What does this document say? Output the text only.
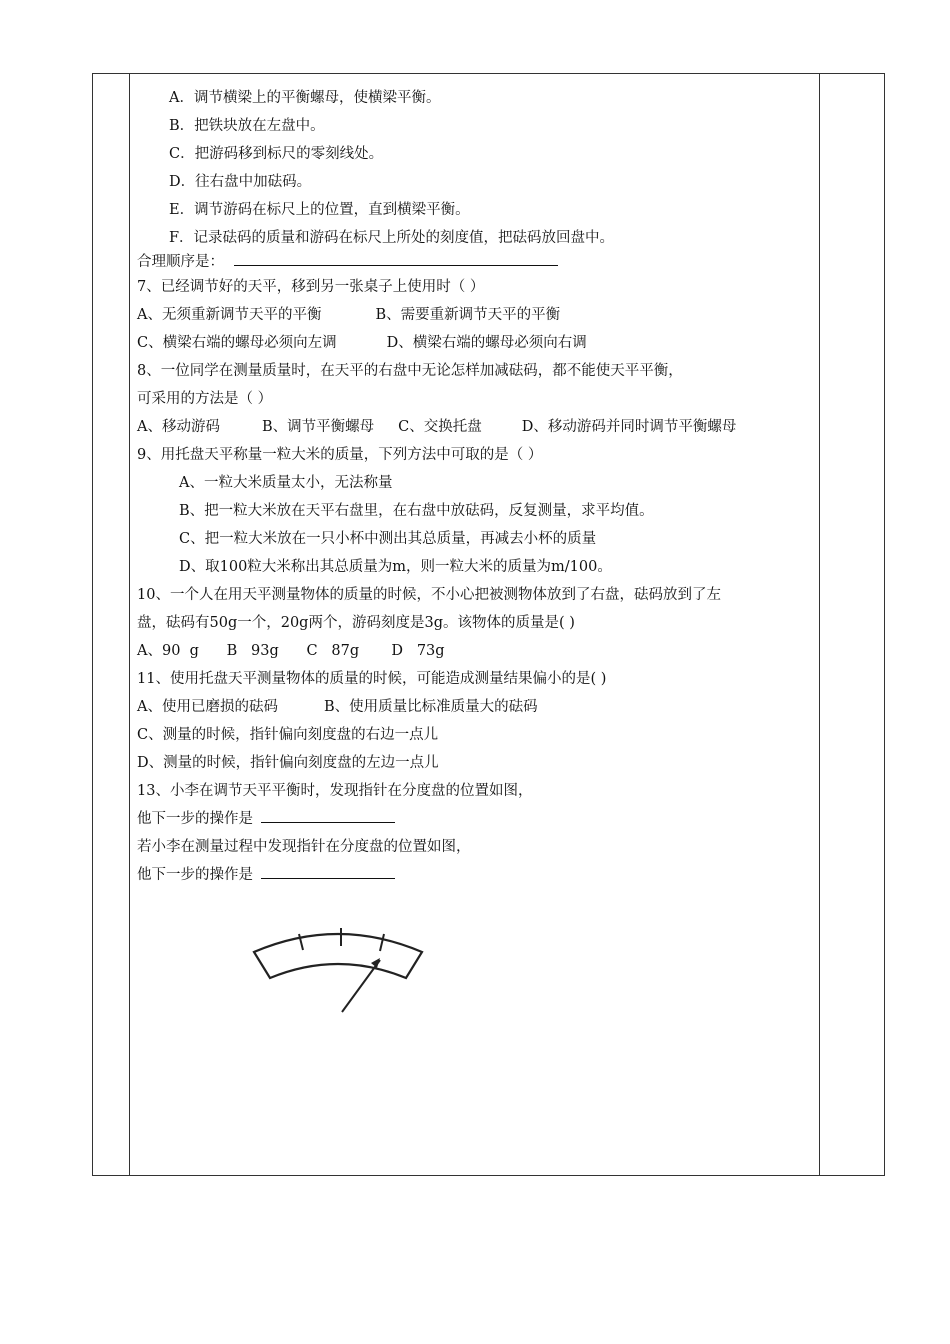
A．调节横梁上的平衡螺母，使横梁平衡。
B．把铁块放在左盘中。
C．把游码移到标尺的零刻线处。
D．往右盘中加砝码。
E．调节游码在标尺上的位置，直到横梁平衡。
F．记录砝码的质量和游码在标尺上所处的刻度值，把砝码放回盘中。
合理顺序是：
7、已经调节好的天平，移到另一张桌子上使用时（ ）
A、无须重新调节天平的平衡	B、需要重新调节天平的平衡
C、横梁右端的螺母必须向左调	D、横梁右端的螺母必须向右调
8、一位同学在测量质量时，在天平的右盘中无论怎样加减砝码，都不能使天平平衡，
可采用的方法是（ ）
A、移动游码	B、调节平衡螺母 C、交换托盘	D、移动游码并同时调节平衡螺母
9、用托盘天平称量一粒大米的质量，下列方法中可取的是（ ）
A、一粒大米质量太小，无法称量
B、把一粒大米放在天平右盘里，在右盘中放砝码，反复测量，求平均值。
C、把一粒大米放在一只小杯中测出其总质量，再减去小杯的质量
D、取100粒大米称出其总质量为m，则一粒大米的质量为m/100。
10、一个人在用天平测量物体的质量的时候，不小心把被测物体放到了右盘，砝码放到了左
盘，砝码有50g一个，20g两个，游码刻度是3g。该物体的质量是( )
A、90  g      B   93g      C   87g       D   73g
11、使用托盘天平测量物体的质量的时候，可能造成测量结果偏小的是( )
A、使用已磨损的砝码	B、使用质量比标准质量大的砝码
C、测量的时候，指针偏向刻度盘的右边一点儿
D、测量的时候，指针偏向刻度盘的左边一点儿
13、小李在调节天平平衡时，发现指针在分度盘的位置如图，
他下一步的操作是
若小李在测量过程中发现指针在分度盘的位置如图，
他下一步的操作是
